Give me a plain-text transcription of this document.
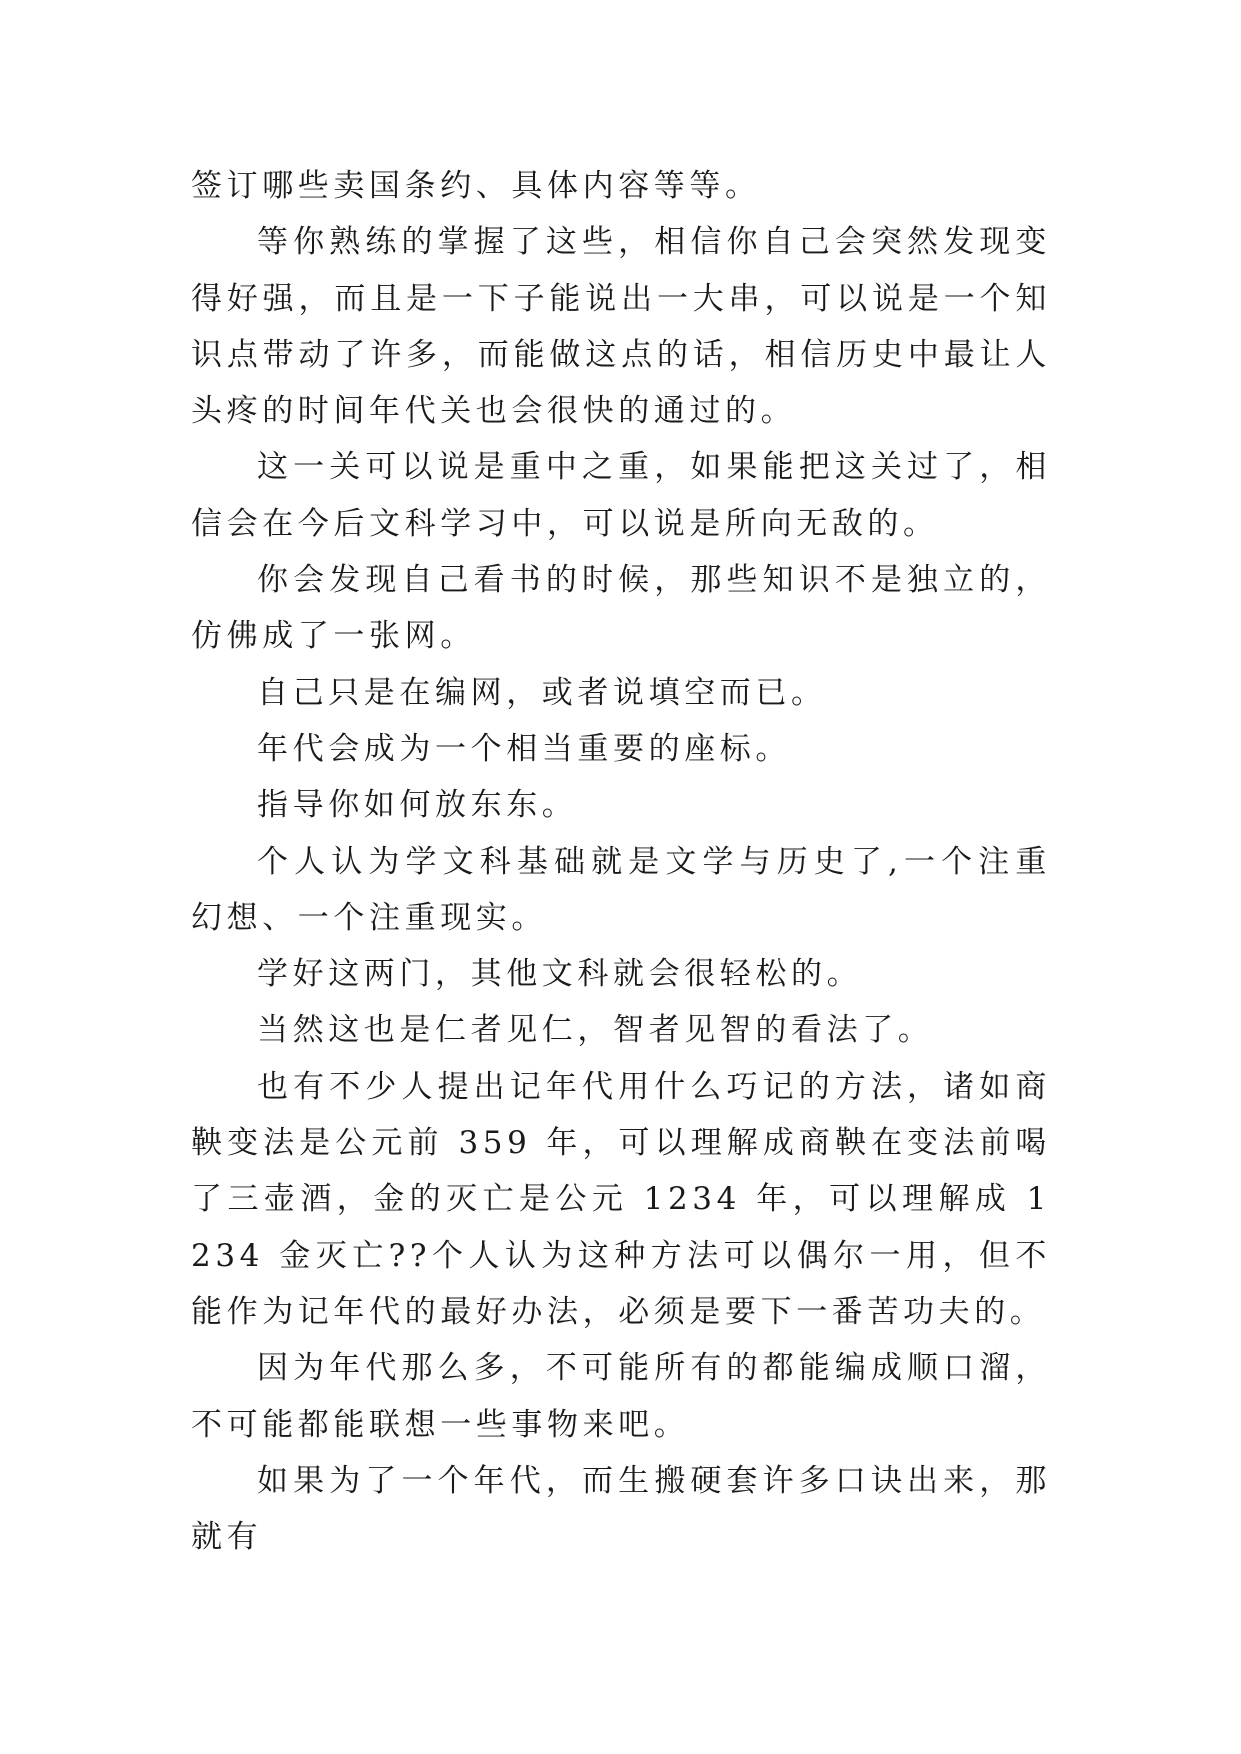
签订哪些卖国条约、具体内容等等。

等你熟练的掌握了这些，相信你自己会突然发现变得好强，而且是一下子能说出一大串，可以说是一个知识点带动了许多，而能做这点的话，相信历史中最让人头疼的时间年代关也会很快的通过的。

这一关可以说是重中之重，如果能把这关过了，相信会在今后文科学习中，可以说是所向无敌的。

你会发现自己看书的时候，那些知识不是独立的，仿佛成了一张网。

自己只是在编网，或者说填空而已。

年代会成为一个相当重要的座标。

指导你如何放东东。

个人认为学文科基础就是文学与历史了,一个注重幻想、一个注重现实。

学好这两门，其他文科就会很轻松的。

当然这也是仁者见仁，智者见智的看法了。

也有不少人提出记年代用什么巧记的方法，诸如商鞅变法是公元前 359 年，可以理解成商鞅在变法前喝了三壶酒，金的灭亡是公元 1234 年，可以理解成 1234 金灭亡??个人认为这种方法可以偶尔一用，但不能作为记年代的最好办法，必须是要下一番苦功夫的。

因为年代那么多，不可能所有的都能编成顺口溜，不可能都能联想一些事物来吧。

如果为了一个年代，而生搬硬套许多口诀出来，那就有
